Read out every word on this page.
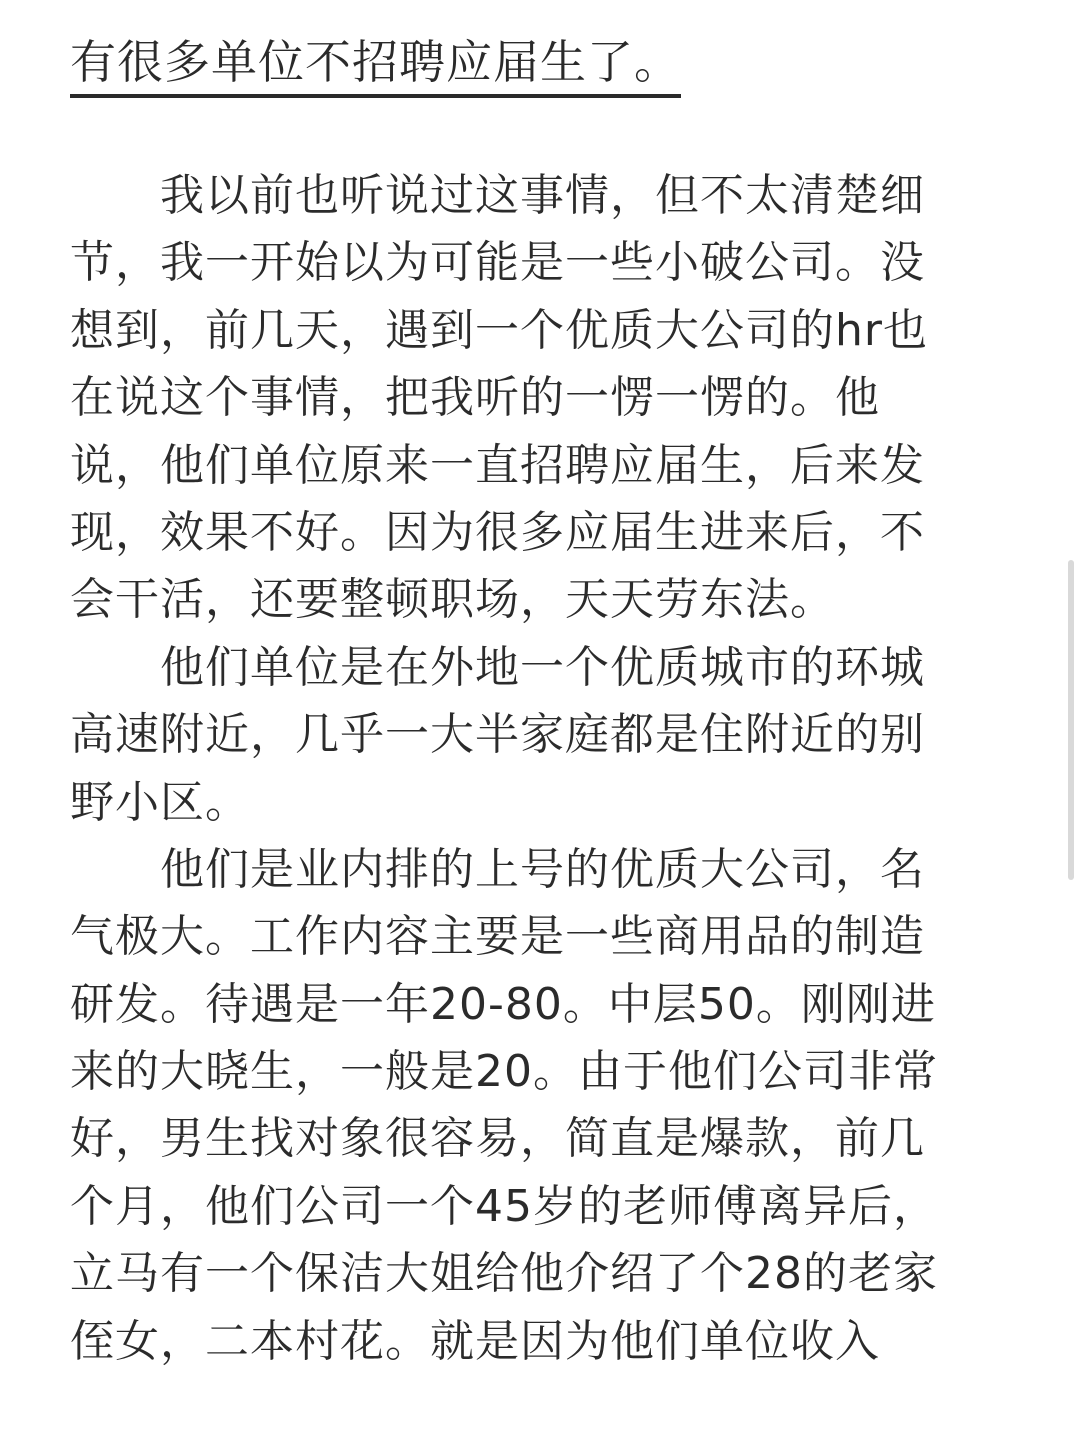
有很多单位不招聘应届生了。
　　我以前也听说过这事情，但不太清楚细
节，我一开始以为可能是一些小破公司。没
想到，前几天，遇到一个优质大公司的hr也
在说这个事情，把我听的一愣一愣的。他
说，他们单位原来一直招聘应届生，后来发
现，效果不好。因为很多应届生进来后，不
会干活，还要整顿职场，天天劳东法。
　　他们单位是在外地一个优质城市的环城
高速附近，几乎一大半家庭都是住附近的别
野小区。
　　他们是业内排的上号的优质大公司，名
气极大。工作内容主要是一些商用品的制造
研发。待遇是一年20-80。中层50。刚刚进
来的大晓生，一般是20。由于他们公司非常
好，男生找对象很容易，简直是爆款，前几
个月，他们公司一个45岁的老师傅离异后，
立马有一个保洁大姐给他介绍了个28的老家
侄女，二本村花。就是因为他们单位收入
